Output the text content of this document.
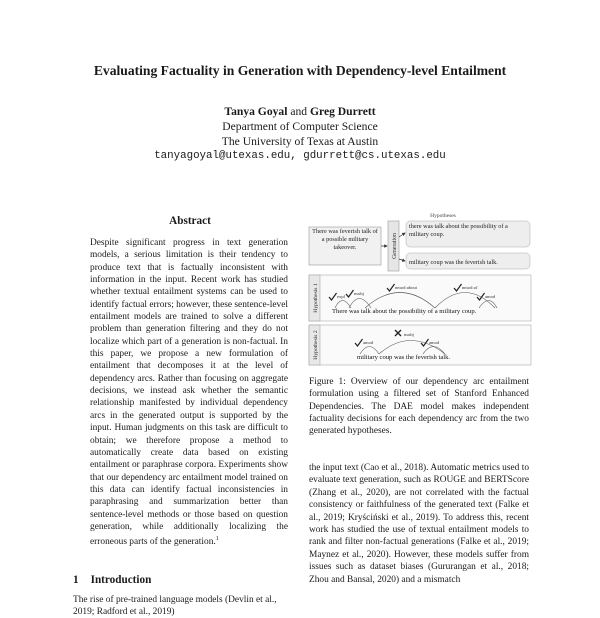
Evaluating Factuality in Generation with Dependency-level Entailment
Tanya Goyal and Greg Durrett
Department of Computer Science
The University of Texas at Austin
tanyagoyal@utexas.edu, gdurrett@cs.utexas.edu
Abstract
Despite significant progress in text generation models, a serious limitation is their tendency to produce text that is factually inconsistent with information in the input. Recent work has studied whether textual entailment systems can be used to identify factual errors; however, these sentence-level entailment models are trained to solve a different problem than generation filtering and they do not localize which part of a generation is non-factual. In this paper, we propose a new formulation of entailment that decomposes it at the level of dependency arcs. Rather than focusing on aggregate decisions, we instead ask whether the semantic relationship manifested by individual dependency arcs in the generated output is supported by the input. Human judgments on this task are difficult to obtain; we therefore propose a method to automatically create data based on existing entailment or paraphrase corpora. Experiments show that our dependency arc entailment model trained on this data can identify factual inconsistencies in paraphrasing and summarization better than sentence-level methods or those based on question generation, while additionally localizing the erroneous parts of the generation.$^1$
1 Introduction
The rise of pre-trained language models (Devlin et al., 2019; Radford et al., 2019)
Hypotheses
There was feverish talk of a possible military takeover.	Generation
there was talk about the possibility of a military coup.
military coup was the feverish talk.
Hypothesis 1 There was talk about the possibility of a military coup.
expl
nsubj
nmod:about	nmod:of
amod
Hypothesis 2	military coup was the feverish talk.
amod
nsubj
amod
Figure 1: Overview of our dependency arc entailment formulation using a filtered set of Stanford Enhanced Dependencies. The DAE model makes independent factuality decisions for each dependency arc from the two generated hypotheses.
the input text (Cao et al., 2018). Automatic metrics used to evaluate text generation, such as ROUGE and BERTScore (Zhang et al., 2020), are not correlated with the factual consistency or faithfulness of the generated text (Falke et al., 2019; Kryściński et al., 2019). To address this, recent work has studied the use of textual entailment models to rank and filter non-factual generations (Falke et al., 2019; Maynez et al., 2020). However, these models suffer from issues such as dataset biases (Gururangan et al., 2018; Zhou and Bansal, 2020) and a mismatch
